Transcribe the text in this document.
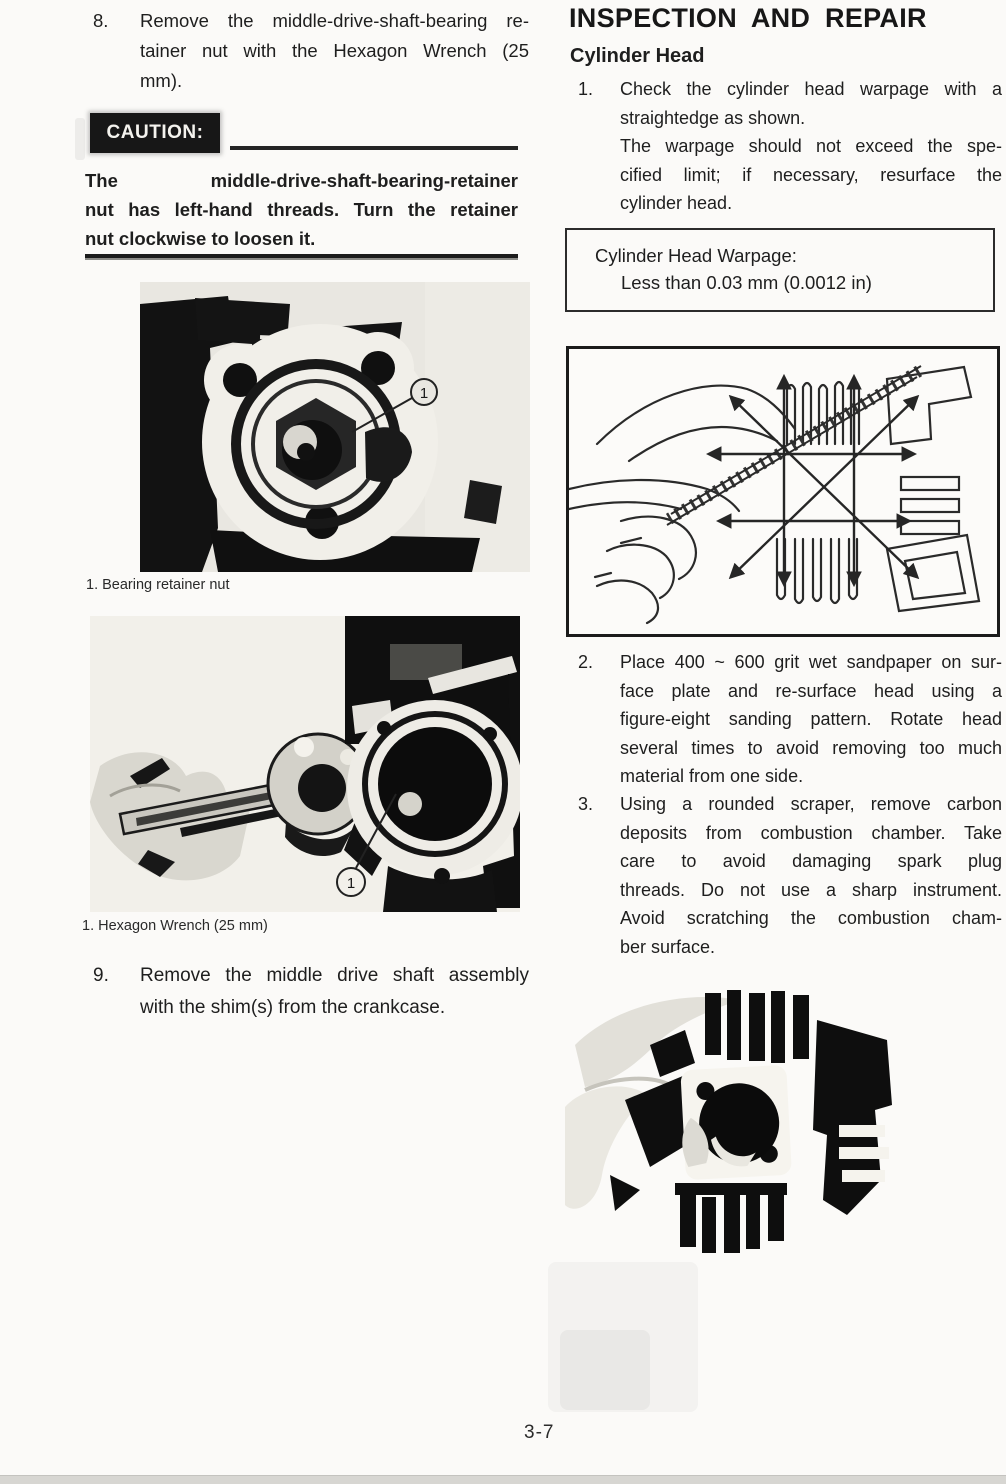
8.	Remove the middle-drive-shaft-bearing re-
tainer nut with the Hexagon Wrench (25
mm).
CAUTION:
The middle-drive-shaft-bearing-retainer
nut has left-hand threads. Turn the retainer
nut clockwise to loosen it.
1
1. Bearing retainer nut
1
1. Hexagon Wrench (25 mm)
9.	Remove the middle drive shaft assembly
with the shim(s) from the crankcase.
INSPECTION AND REPAIR
Cylinder Head
1.	Check the cylinder head warpage with a
straightedge as shown.
The warpage should not exceed the spe-
cified limit; if necessary, resurface the
cylinder head.
Cylinder Head Warpage:
Less than 0.03 mm (0.0012 in)
2.	Place 400 ~ 600 grit wet sandpaper on sur-
face plate and re-surface head using a
figure-eight sanding pattern. Rotate head
several times to avoid removing too much
material from one side.
3.	Using a rounded scraper, remove carbon
deposits from combustion chamber. Take
care to avoid damaging spark plug
threads. Do not use a sharp instrument.
Avoid scratching the combustion cham-
ber surface.
3-7
